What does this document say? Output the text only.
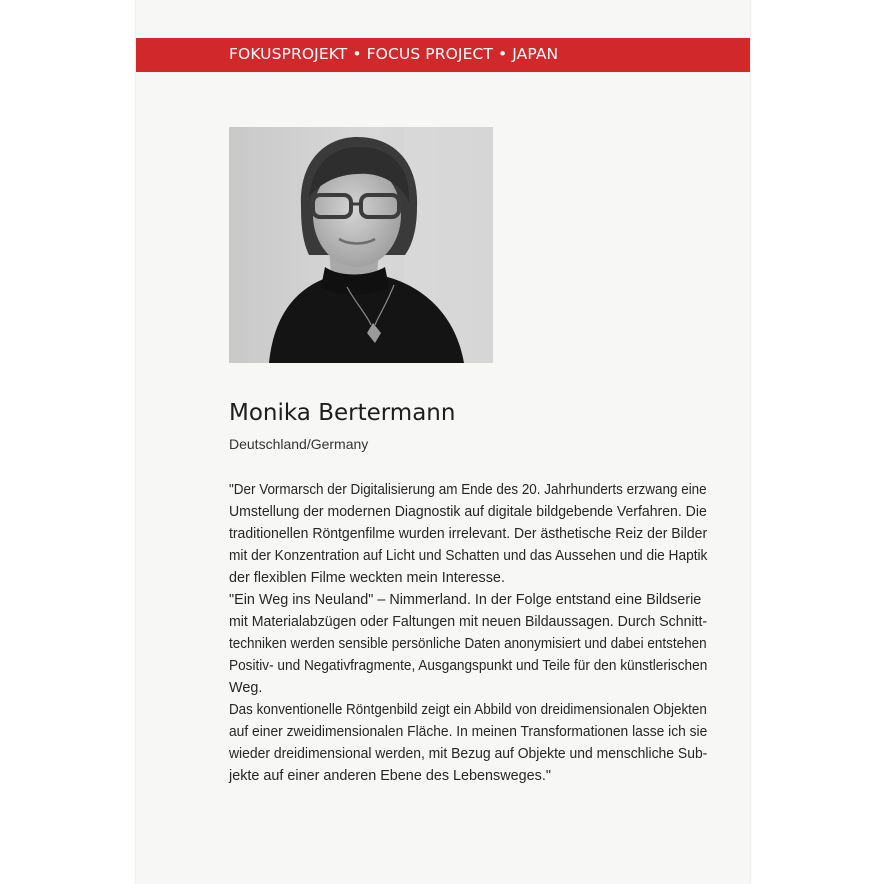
FOKUSPROJEKT • FOCUS PROJECT • JAPAN
Monika Bertermann
Deutschland/Germany
"Der Vormarsch der Digitalisierung am Ende des 20. Jahrhunderts erzwang eine
Umstellung der modernen Diagnostik auf digitale bildgebende Verfahren. Die
traditionellen Röntgenfilme wurden irrelevant. Der ästhetische Reiz der Bilder
mit der Konzentration auf Licht und Schatten und das Aussehen und die Haptik
der flexiblen Filme weckten mein Interesse.
"Ein Weg ins Neuland" – Nimmerland. In der Folge entstand eine Bildserie
mit Materialabzügen oder Faltungen mit neuen Bildaussagen. Durch Schnitt-
techniken werden sensible persönliche Daten anonymisiert und dabei entstehen
Positiv- und Negativfragmente, Ausgangspunkt und Teile für den künstlerischen
Weg.
Das konventionelle Röntgenbild zeigt ein Abbild von dreidimensionalen Objekten
auf einer zweidimensionalen Fläche. In meinen Transformationen lasse ich sie
wieder dreidimensional werden, mit Bezug auf Objekte und menschliche Sub-
jekte auf einer anderen Ebene des Lebensweges."
